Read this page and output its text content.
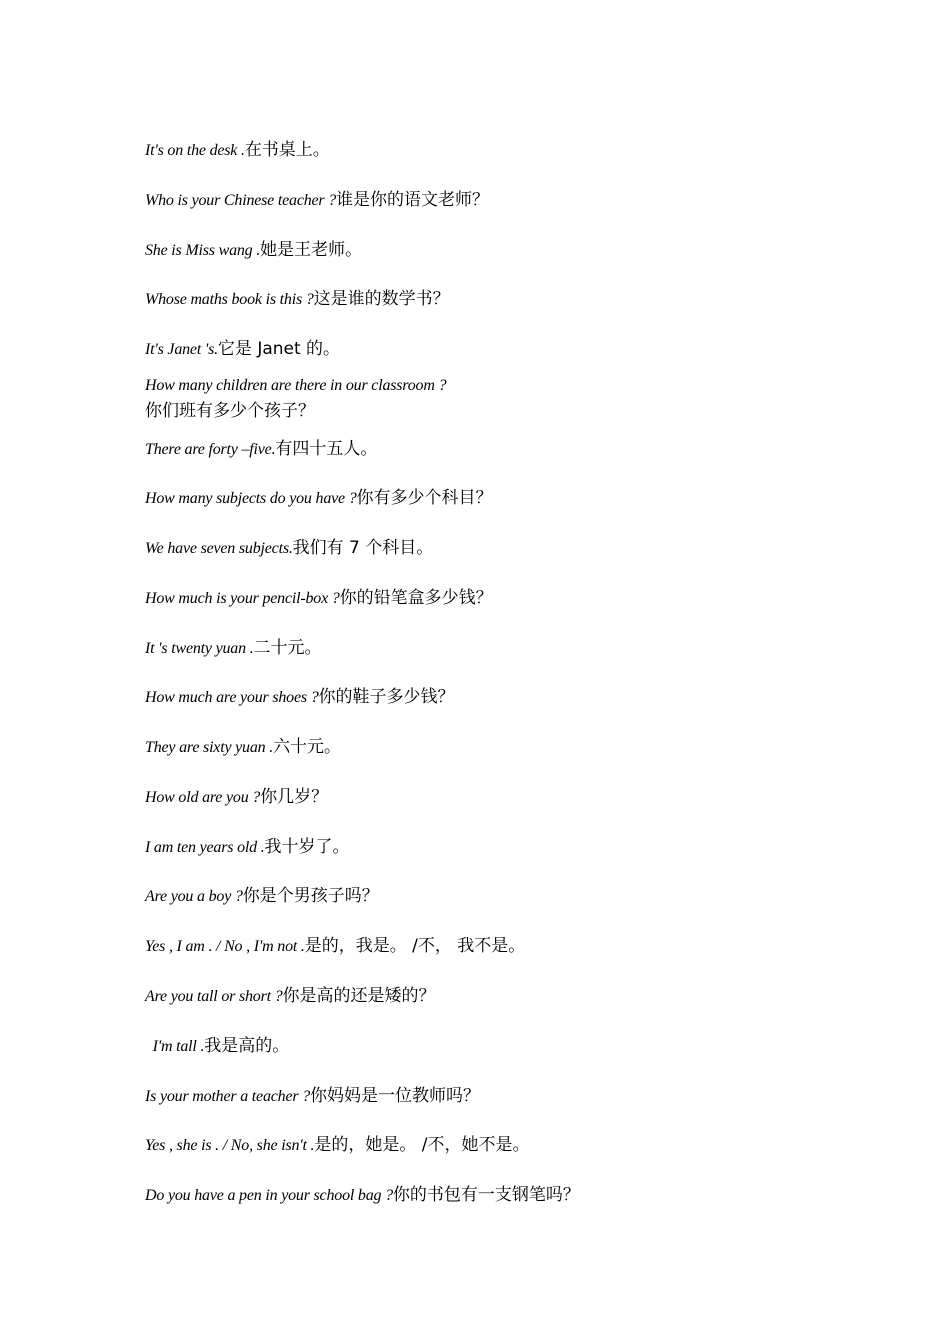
It's on the desk .在书桌上。
Who is your Chinese teacher ?谁是你的语文老师？
She is Miss wang .她是王老师。
Whose maths book is this ?这是谁的数学书？
It's Janet 's.它是 Janet 的。
How many children are there in our classroom ?
你们班有多少个孩子？
There are forty –five.有四十五人。
How many subjects do you have ?你有多少个科目？
We have seven subjects.我们有 7 个科目。
How much is your pencil-box ?你的铅笔盒多少钱？
It 's twenty yuan .二十元。
How much are your shoes ?你的鞋子多少钱？
They are sixty yuan .六十元。
How old are you ?你几岁？
I am ten years old .我十岁了。
Are you a boy ?你是个男孩子吗？
Yes , I am . / No , I'm not .是的，我是。 /不， 我不是。
Are you tall or short ?你是高的还是矮的？
I'm tall .我是高的。
Is your mother a teacher ?你妈妈是一位教师吗？
Yes , she is . / No, she isn't .是的，她是。 /不，她不是。
Do you have a pen in your school bag ?你的书包有一支钢笔吗？
